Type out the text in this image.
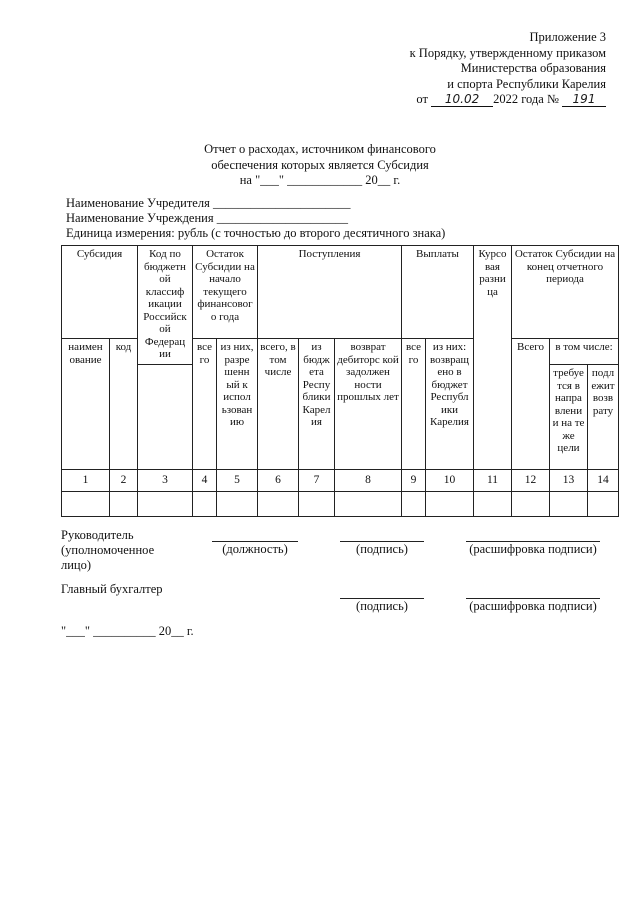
Приложение 3
к Порядку, утвержденному приказом
Министерства образования
и спорта Республики Карелия
от 10.02 2022 года № 191
Отчет о расходах, источником финансового
обеспечения которых является Субсидия
на "___" ____________ 20__ г.
Наименование Учредителя ______________________
Наименование Учреждения _____________________
Единица измерения: рубль (с точностью до второго десятичного знака)
Субсидия		Код по бюджетн ой классиф икации Российск ой Федерац ии	Остаток Субсидии на начало текущего финансовог о года		Поступления			Выплаты		Курсо вая разни ца	Остаток Субсидии на конец отчетного периода		
наимен ование	код		все го	из них, разре шенн ый к испол ьзован ию	всего, в том числе	из бюдж ета Респу блики Карел ия	возврат дебиторс кой задолжен ности прошлых лет	все го	из них: возвращ ено в бюджет Республ ики Карелия		Всего	в том числе:	
												требуе тся в напра влени и на те же цели	подл ежит возв рату
1	2	3	4	5	6	7	8	9	10	11	12	13	14

Руководитель
(уполномоченное
лицо)
(должность)	(подпись)	(расшифровка подписи)
Главный бухгалтер
(подпись)	(расшифровка подписи)
"___" __________ 20__ г.
